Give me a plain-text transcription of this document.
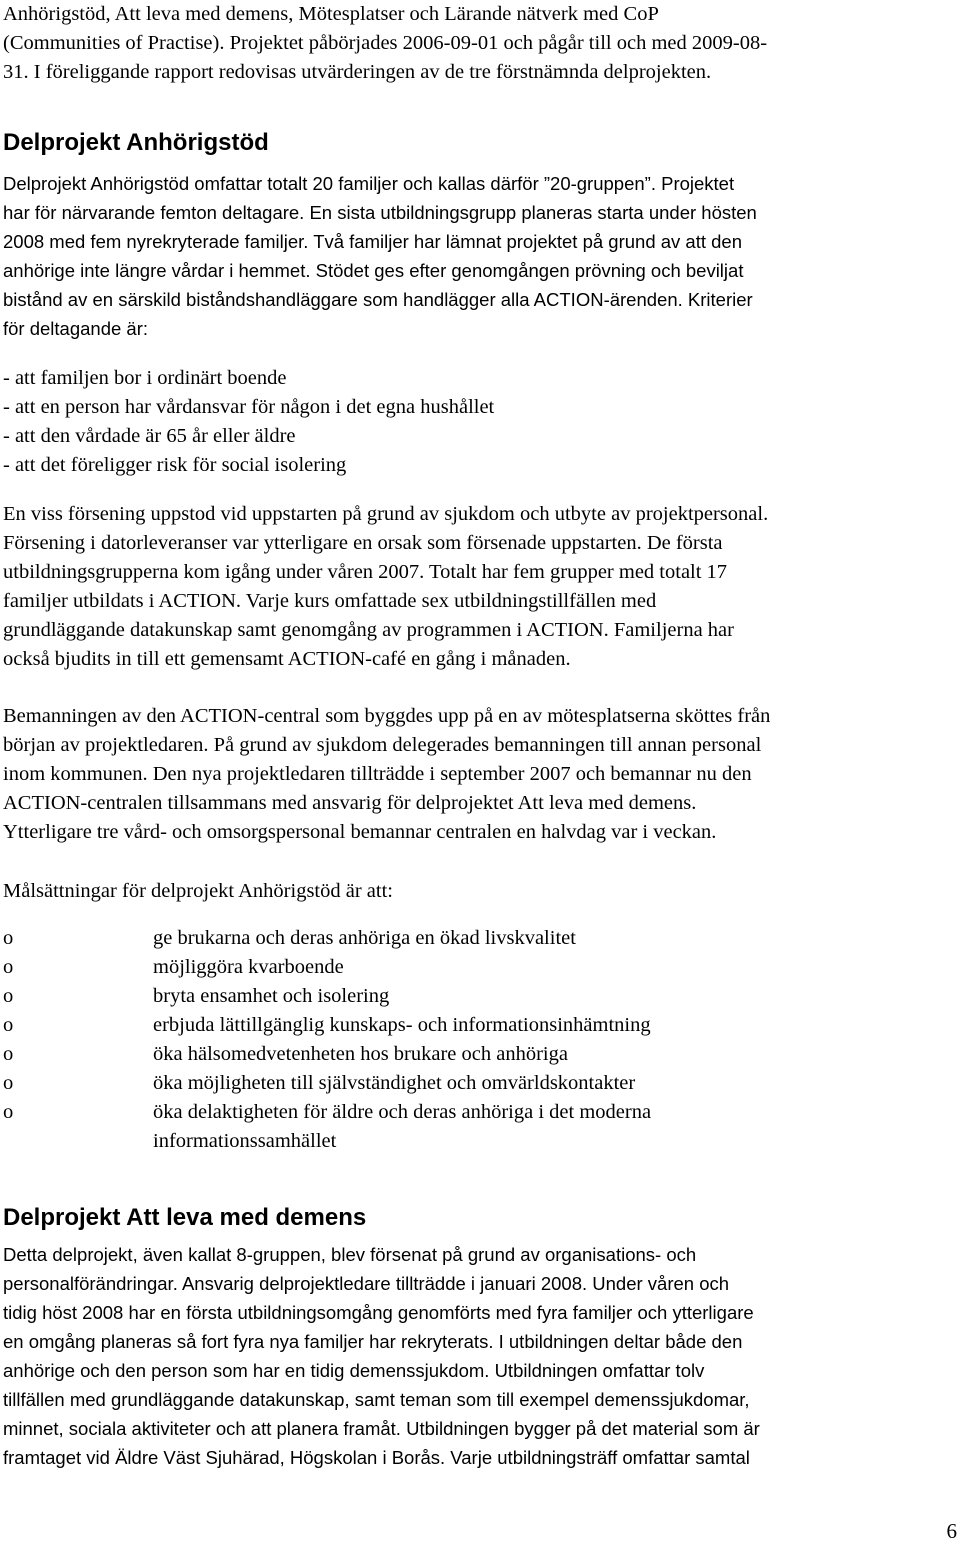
Anhörigstöd, Att leva med demens, Mötesplatser och Lärande nätverk med CoP
(Communities of Practise). Projektet påbörjades 2006-09-01 och pågår till och med 2009-08-
31. I föreliggande rapport redovisas utvärderingen av de tre förstnämnda delprojekten.
Delprojekt Anhörigstöd
Delprojekt Anhörigstöd omfattar totalt 20 familjer och kallas därför ”20-gruppen”. Projektet
har för närvarande femton deltagare. En sista utbildningsgrupp planeras starta under hösten
2008 med fem nyrekryterade familjer. Två familjer har lämnat projektet på grund av att den
anhörige inte längre vårdar i hemmet. Stödet ges efter genomgången prövning och beviljat
bistånd av en särskild biståndshandläggare som handlägger alla ACTION-ärenden. Kriterier
för deltagande är:
- att familjen bor i ordinärt boende
- att en person har vårdansvar för någon i det egna hushållet
- att den vårdade är 65 år eller äldre
- att det föreligger risk för social isolering
En viss försening uppstod vid uppstarten på grund av sjukdom och utbyte av projektpersonal.
Försening i datorleveranser var ytterligare en orsak som försenade uppstarten. De första
utbildningsgrupperna kom igång under våren 2007. Totalt har fem grupper med totalt 17
familjer utbildats i ACTION. Varje kurs omfattade sex utbildningstillfällen med
grundläggande datakunskap samt genomgång av programmen i ACTION. Familjerna har
också bjudits in till ett gemensamt ACTION-café en gång i månaden.
Bemanningen av den ACTION-central som byggdes upp på en av mötesplatserna sköttes från
början av projektledaren. På grund av sjukdom delegerades bemanningen till annan personal
inom kommunen. Den nya projektledaren tillträdde i september 2007 och bemannar nu den
ACTION-centralen tillsammans med ansvarig för delprojektet Att leva med demens.
Ytterligare tre vård- och omsorgspersonal bemannar centralen en halvdag var i veckan.
Målsättningar för delprojekt Anhörigstöd är att:
o	ge brukarna och deras anhöriga en ökad livskvalitet
o	möjliggöra kvarboende
o	bryta ensamhet och isolering
o	erbjuda lättillgänglig kunskaps- och informationsinhämtning
o	öka hälsomedvetenheten hos brukare och anhöriga
o	öka möjligheten till självständighet och omvärldskontakter
o	öka delaktigheten för äldre och deras anhöriga i det moderna
informationssamhället
Delprojekt Att leva med demens
Detta delprojekt, även kallat 8-gruppen, blev försenat på grund av organisations- och
personalförändringar. Ansvarig delprojektledare tillträdde i januari 2008. Under våren och
tidig höst 2008 har en första utbildningsomgång genomförts med fyra familjer och ytterligare
en omgång planeras så fort fyra nya familjer har rekryterats. I utbildningen deltar både den
anhörige och den person som har en tidig demenssjukdom. Utbildningen omfattar tolv
tillfällen med grundläggande datakunskap, samt teman som till exempel demenssjukdomar,
minnet, sociala aktiviteter och att planera framåt. Utbildningen bygger på det material som är
framtaget vid Äldre Väst Sjuhärad, Högskolan i Borås. Varje utbildningsträff omfattar samtal
6
